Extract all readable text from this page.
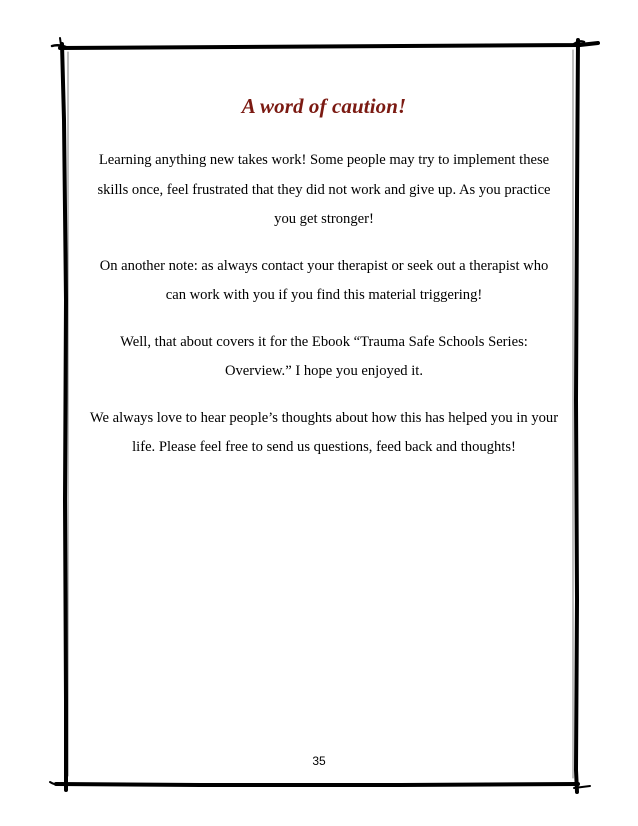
A word of caution!

Learning anything new takes work! Some people may try to implement these skills once, feel frustrated that they did not work and give up. As you practice you get stronger!

On another note: as always contact your therapist or seek out a therapist who can work with you if you find this material triggering!

Well, that about covers it for the Ebook “Trauma Safe Schools Series: Overview.” I hope you enjoyed it.

We always love to hear people’s thoughts about how this has helped you in your life. Please feel free to send us questions, feed back and thoughts!

35
